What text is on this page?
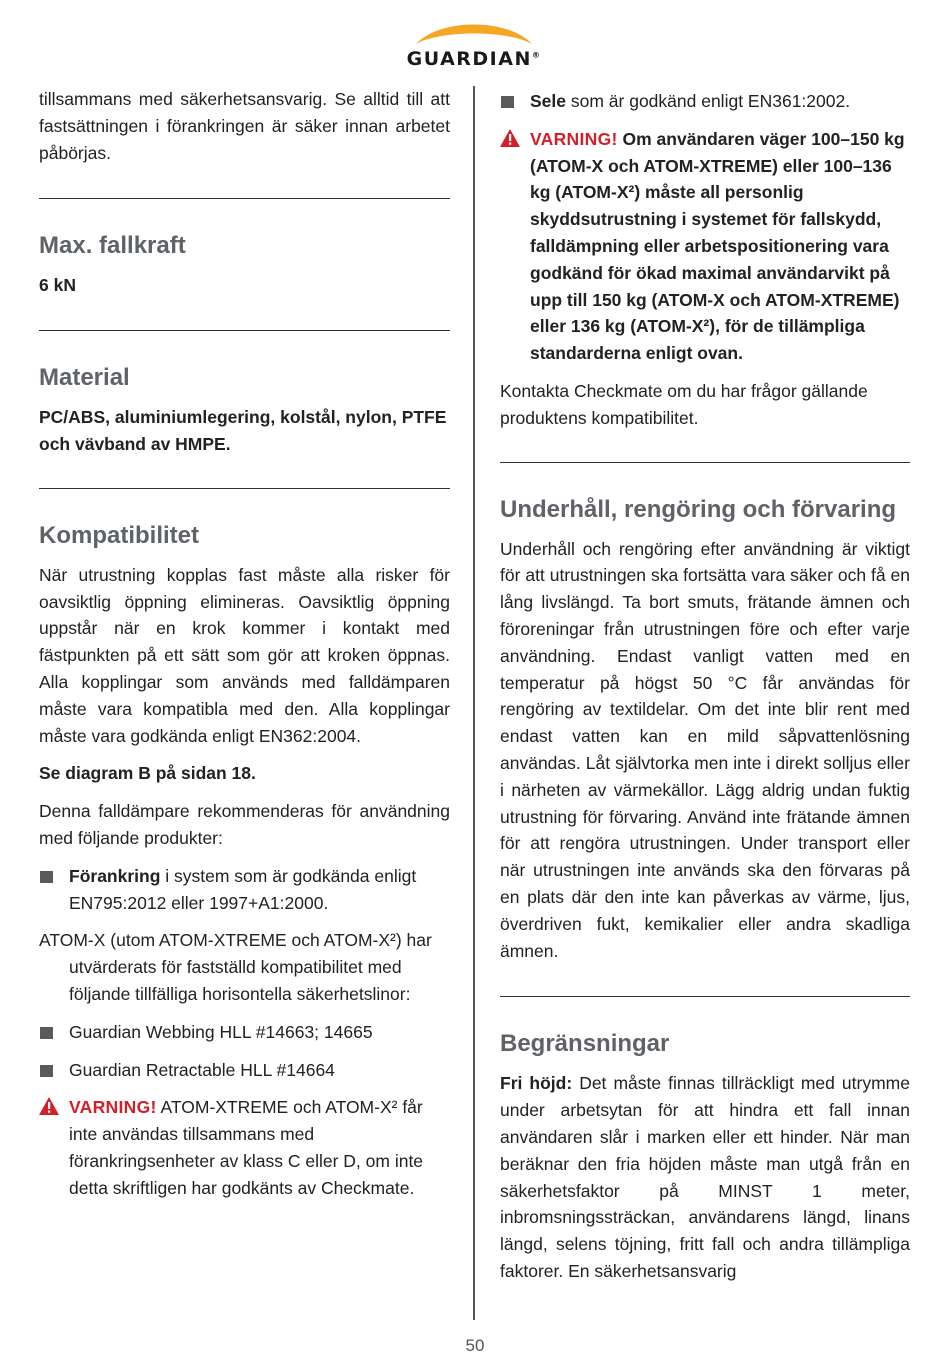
GUARDIAN®

tillsammans med säkerhetsansvarig. Se alltid till att fastsättningen i förankringen är säker innan arbetet påbörjas.

Max. fallkraft

6 kN

Material

PC/ABS, aluminiumlegering, kolstål, nylon, PTFE och vävband av HMPE.

Kompatibilitet

När utrustning kopplas fast måste alla risker för oavsiktlig öppning elimineras. Oavsiktlig öppning uppstår när en krok kommer i kontakt med fästpunkten på ett sätt som gör att kroken öppnas. Alla kopplingar som används med falldämparen måste vara kompatibla med den. Alla kopplingar måste vara godkända enligt EN362:2004.

Se diagram B på sidan 18.

Denna falldämpare rekommenderas för användning med följande produkter:

Förankring i system som är godkända enligt EN795:2012 eller 1997+A1:2000.

ATOM-X (utom ATOM-XTREME och ATOM-X²) har utvärderats för fastställd kompatibilitet med följande tillfälliga horisontella säkerhetslinor:

Guardian Webbing HLL #14663; 14665
Guardian Retractable HLL #14664
VARNING! ATOM-XTREME och ATOM-X² får inte användas tillsammans med förankringsenheter av klass C eller D, om inte detta skriftligen har godkänts av Checkmate.
Sele som är godkänd enligt EN361:2002.
VARNING! Om användaren väger 100–150 kg (ATOM-X och ATOM-XTREME) eller 100–136 kg (ATOM-X²) måste all personlig skyddsutrustning i systemet för fallskydd, falldämpning eller arbetspositionering vara godkänd för ökad maximal användarvikt på upp till 150 kg (ATOM-X och ATOM-XTREME) eller 136 kg (ATOM-X²), för de tillämpliga standarderna enligt ovan.

Kontakta Checkmate om du har frågor gällande produktens kompatibilitet.

Underhåll, rengöring och förvaring

Underhåll och rengöring efter användning är viktigt för att utrustningen ska fortsätta vara säker och få en lång livslängd. Ta bort smuts, frätande ämnen och föroreningar från utrustningen före och efter varje användning. Endast vanligt vatten med en temperatur på högst 50 °C får användas för rengöring av textildelar. Om det inte blir rent med endast vatten kan en mild såpvattenlösning användas. Låt självtorka men inte i direkt solljus eller i närheten av värmekällor. Lägg aldrig undan fuktig utrustning för förvaring. Använd inte frätande ämnen för att rengöra utrustningen. Under transport eller när utrustningen inte används ska den förvaras på en plats där den inte kan påverkas av värme, ljus, överdriven fukt, kemikalier eller andra skadliga ämnen.

Begränsningar

Fri höjd: Det måste finnas tillräckligt med utrymme under arbetsytan för att hindra ett fall innan användaren slår i marken eller ett hinder. När man beräknar den fria höjden måste man utgå från en säkerhetsfaktor på MINST 1 meter, inbromsningssträckan, användarens längd, linans längd, selens töjning, fritt fall och andra tillämpliga faktorer. En säkerhetsansvarig

50
